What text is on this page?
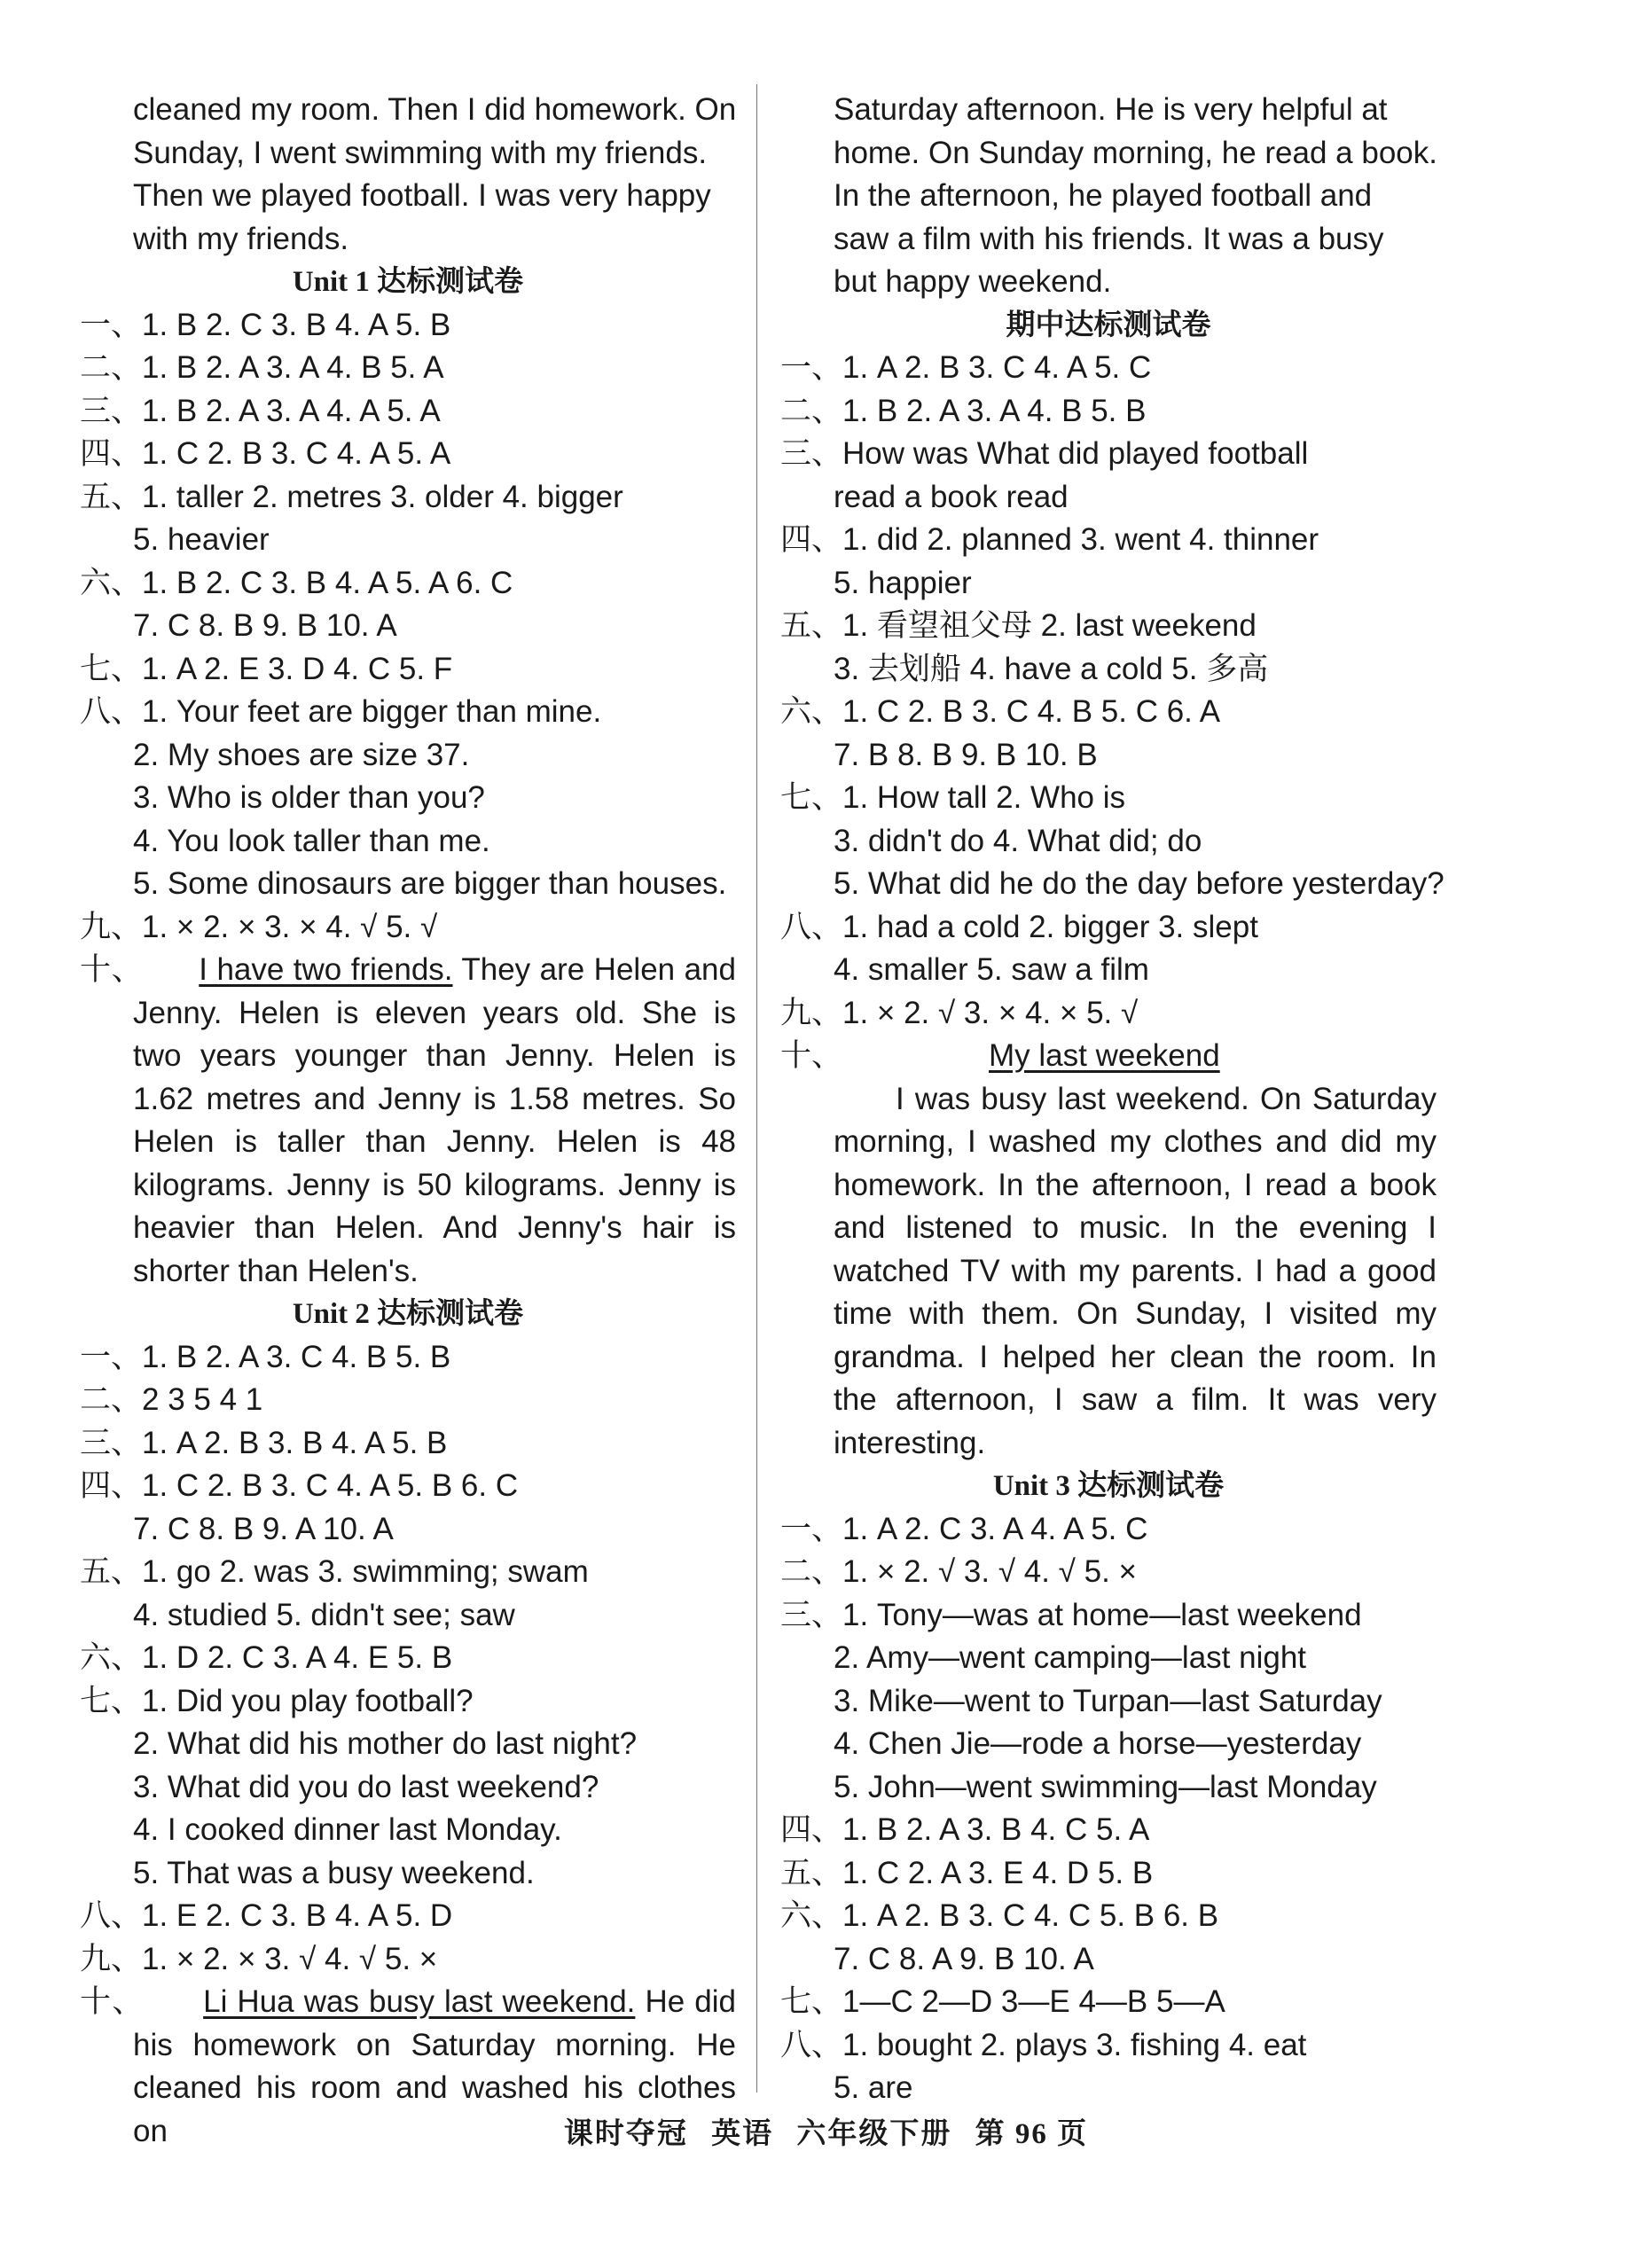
cleaned my room. Then I did homework. On
Sunday, I went swimming with my friends.
Then we played football. I was very happy
with my friends.
Unit 1 达标测试卷
一、1. B 2. C 3. B 4. A 5. B
二、1. B 2. A 3. A 4. B 5. A
三、1. B 2. A 3. A 4. A 5. A
四、1. C 2. B 3. C 4. A 5. A
五、1. taller 2. metres 3. older 4. bigger
5. heavier
六、1. B 2. C 3. B 4. A 5. A 6. C
7. C 8. B 9. B 10. A
七、1. A 2. E 3. D 4. C 5. F
八、1. Your feet are bigger than mine.
2. My shoes are size 37.
3. Who is older than you?
4. You look taller than me.
5. Some dinosaurs are bigger than houses.
九、1. × 2. × 3. × 4. √ 5. √
十、 I have two friends. They are Helen and Jenny. Helen is eleven years old. She is two years younger than Jenny. Helen is 1.62 metres and Jenny is 1.58 metres. So Helen is taller than Jenny. Helen is 48 kilograms. Jenny is 50 kilograms. Jenny is heavier than Helen. And Jenny's hair is shorter than Helen's.
Unit 2 达标测试卷
一、1. B 2. A 3. C 4. B 5. B
二、2 3 5 4 1
三、1. A 2. B 3. B 4. A 5. B
四、1. C 2. B 3. C 4. A 5. B 6. C
7. C 8. B 9. A 10. A
五、1. go 2. was 3. swimming; swam
4. studied 5. didn't see; saw
六、1. D 2. C 3. A 4. E 5. B
七、1. Did you play football?
2. What did his mother do last night?
3. What did you do last weekend?
4. I cooked dinner last Monday.
5. That was a busy weekend.
八、1. E 2. C 3. B 4. A 5. D
九、1. × 2. × 3. √ 4. √ 5. ×
十、 Li Hua was busy last weekend. He did his homework on Saturday morning. He cleaned his room and washed his clothes on
Saturday afternoon. He is very helpful at
home. On Sunday morning, he read a book.
In the afternoon, he played football and
saw a film with his friends. It was a busy
but happy weekend.
期中达标测试卷
一、1. A 2. B 3. C 4. A 5. C
二、1. B 2. A 3. A 4. B 5. B
三、How was What did played football
read a book read
四、1. did 2. planned 3. went 4. thinner
5. happier
五、1. 看望祖父母 2. last weekend
3. 去划船 4. have a cold 5. 多高
六、1. C 2. B 3. C 4. B 5. C 6. A
7. B 8. B 9. B 10. B
七、1. How tall 2. Who is
3. didn't do 4. What did; do
5. What did he do the day before yesterday?
八、1. had a cold 2. bigger 3. slept
4. smaller 5. saw a film
九、1. × 2. √ 3. × 4. × 5. √
十、	My last weekend
I was busy last weekend. On Saturday morning, I washed my clothes and did my homework. In the afternoon, I read a book and listened to music. In the evening I watched TV with my parents. I had a good time with them. On Sunday, I visited my grandma. I helped her clean the room. In the afternoon, I saw a film. It was very interesting.
Unit 3 达标测试卷
一、1. A 2. C 3. A 4. A 5. C
二、1. × 2. √ 3. √ 4. √ 5. ×
三、1. Tony—was at home—last weekend
2. Amy—went camping—last night
3. Mike—went to Turpan—last Saturday
4. Chen Jie—rode a horse—yesterday
5. John—went swimming—last Monday
四、1. B 2. A 3. B 4. C 5. A
五、1. C 2. A 3. E 4. D 5. B
六、1. A 2. B 3. C 4. C 5. B 6. B
7. C 8. A 9. B 10. A
七、1—C 2—D 3—E 4—B 5—A
八、1. bought 2. plays 3. fishing 4. eat
5. are
课时夺冠 英语 六年级下册 第 96 页
